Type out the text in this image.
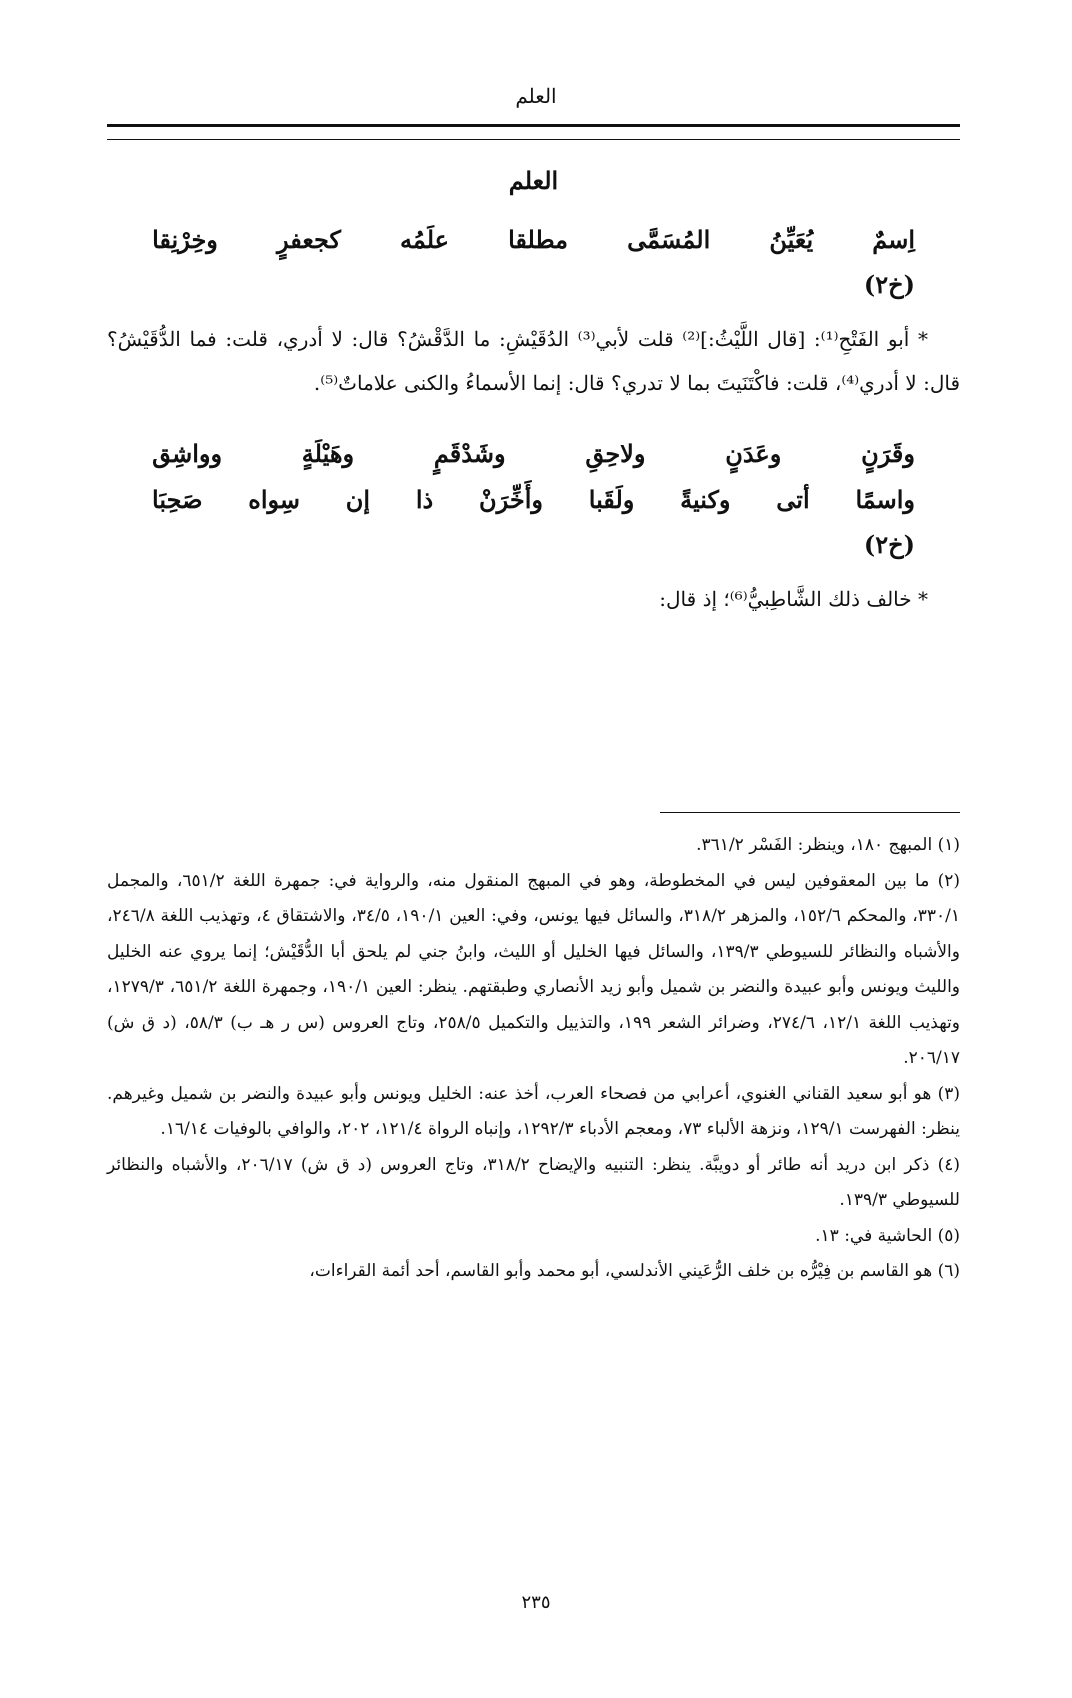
العلم
العلم
اِسمٌ
يُعَيِّنُ
المُسَمَّى
مطلقا
علَمُه
كجعفرٍ
وخِرْنِقا
(خ٢)

* أبو الفَتْحِ⁽¹⁾: [قال اللَّيْثُ:]⁽²⁾ قلت لأبي⁽³⁾ الدُقَيْشِ: ما الدَّقْشُ؟ قال: لا أدري، قلت: فما الدُّقَيْشُ؟ قال: لا أدري⁽⁴⁾، قلت: فاكْتَنَيتَ بما لا تدري؟ قال: إنما الأسماءُ والكنى علاماتٌ⁽⁵⁾.

وقَرَنٍ
وعَدَنٍ
ولاحِقِ
وشَدْقَمٍ
وهَيْلَةٍ
وواشِق
واسمًا
أتى
وكنيةً
ولَقَبا
وأَخِّرَنْ
ذا
إن
سِواه
صَحِبَا
(خ٢)

* خالف ذلك الشَّاطِبيُّ⁽⁶⁾؛ إذ قال:

(١) المبهج ١٨٠، وينظر: الفَسْر ٣٦١/٢.

(٢) ما بين المعقوفين ليس في المخطوطة، وهو في المبهج المنقول منه، والرواية في: جمهرة اللغة ٦٥١/٢، والمجمل ٣٣٠/١، والمحكم ١٥٢/٦، والمزهر ٣١٨/٢، والسائل فيها يونس، وفي: العين ١٩٠/١، ٣٤/٥، والاشتقاق ٤، وتهذيب اللغة ٢٤٦/٨، والأشباه والنظائر للسيوطي ١٣٩/٣، والسائل فيها الخليل أو الليث، وابنُ جني لم يلحق أبا الدُّقَيْش؛ إنما يروي عنه الخليل والليث ويونس وأبو عبيدة والنضر بن شميل وأبو زيد الأنصاري وطبقتهم. ينظر: العين ١٩٠/١، وجمهرة اللغة ٦٥١/٢، ١٢٧٩/٣، وتهذيب اللغة ١٢/١، ٢٧٤/٦، وضرائر الشعر ١٩٩، والتذييل والتكميل ٢٥٨/٥، وتاج العروس (س ر هـ ب) ٥٨/٣، (د ق ش) ٢٠٦/١٧.

(٣) هو أبو سعيد القناني الغنوي، أعرابي من فصحاء العرب، أخذ عنه: الخليل ويونس وأبو عبيدة والنضر بن شميل وغيرهم. ينظر: الفهرست ١٢٩/١، ونزهة الألباء ٧٣، ومعجم الأدباء ١٢٩٢/٣، وإنباه الرواة ١٢١/٤، ٢٠٢، والوافي بالوفيات ١٦/١٤.

(٤) ذكر ابن دريد أنه طائر أو دويبَّة. ينظر: التنبيه والإيضاح ٣١٨/٢، وتاج العروس (د ق ش) ٢٠٦/١٧، والأشباه والنظائر للسيوطي ١٣٩/٣.

(٥) الحاشية في: ١٣.

(٦) هو القاسم بن فِيْرُّه بن خلف الرُّعَيني الأندلسي، أبو محمد وأبو القاسم، أحد أئمة القراءات،

٢٣٥
